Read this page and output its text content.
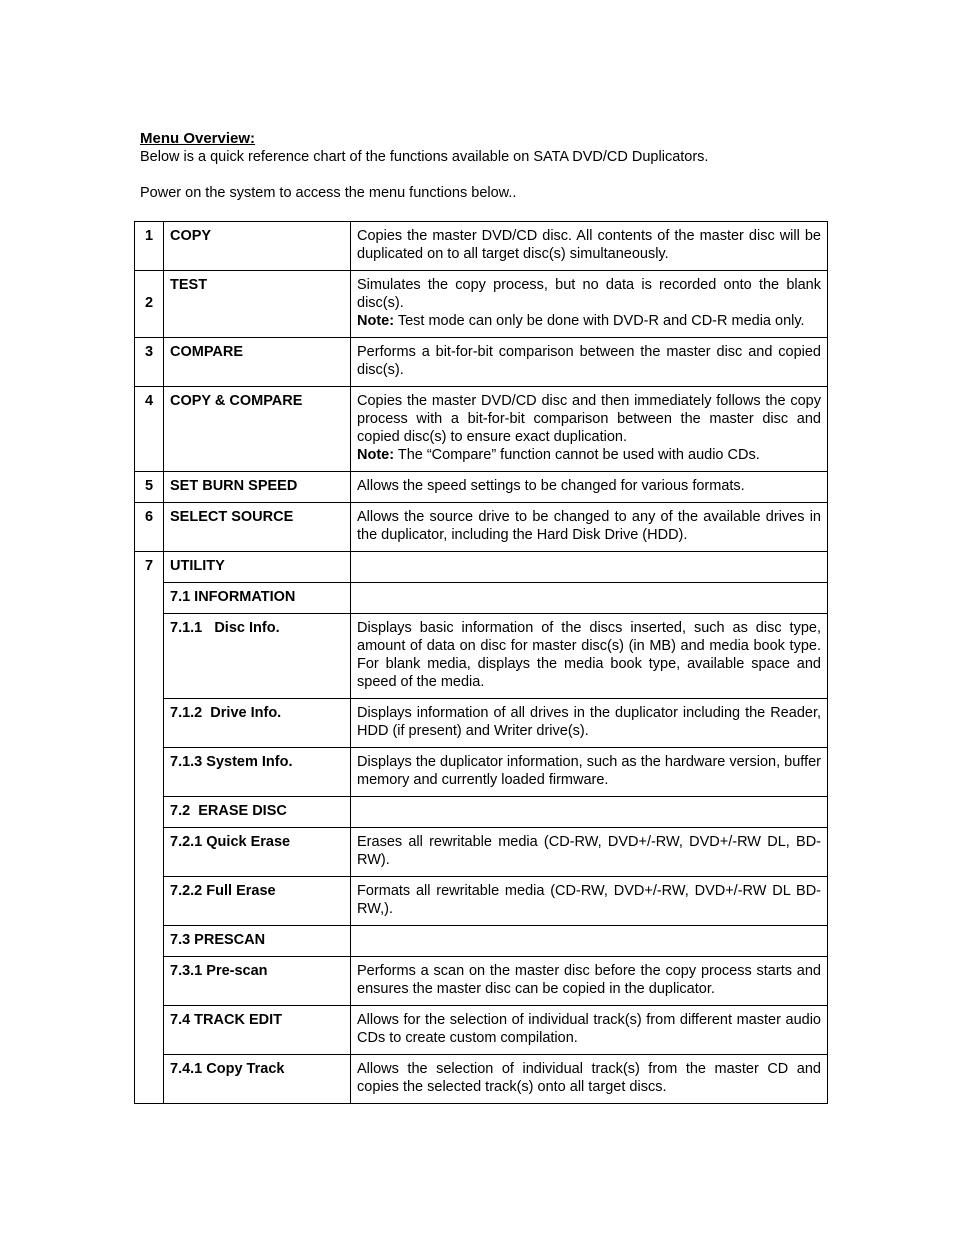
Menu Overview:
Below is a quick reference chart of the functions available on SATA DVD/CD Duplicators.
Power on the system to access the menu functions below..
1	COPY	Copies the master DVD/CD disc. All contents of the master disc will be duplicated on to all target disc(s) simultaneously.
2	TEST	Simulates the copy process, but no data is recorded onto the blank disc(s).
Note: Test mode can only be done with DVD-R and CD-R media only.
3	COMPARE	Performs a bit-for-bit comparison between the master disc and copied disc(s).
4	COPY & COMPARE	Copies the master DVD/CD disc and then immediately follows the copy process with a bit-for-bit comparison between the master disc and copied disc(s) to ensure exact duplication.
Note: The “Compare” function cannot be used with audio CDs.
5	SET BURN SPEED	Allows the speed settings to be changed for various formats.
6	SELECT SOURCE	Allows the source drive to be changed to any of the available drives in the duplicator, including the Hard Disk Drive (HDD).
7	UTILITY	
	7.1 INFORMATION	
	7.1.1   Disc Info.	Displays basic information of the discs inserted, such as disc type, amount of data on disc for master disc(s) (in MB) and media book type. For blank media, displays the media book type, available space and speed of the media.
	7.1.2  Drive Info.	Displays information of all drives in the duplicator including the Reader, HDD (if present) and Writer drive(s).
	7.1.3 System Info.	Displays the duplicator information, such as the hardware version, buffer memory and currently loaded firmware.
	7.2  ERASE DISC	
	7.2.1 Quick Erase	Erases all rewritable media (CD-RW, DVD+/-RW, DVD+/-RW DL, BD-RW).
	7.2.2 Full Erase	Formats all rewritable media (CD-RW, DVD+/-RW, DVD+/-RW DL BD-RW,).
	7.3 PRESCAN	
	7.3.1 Pre-scan	Performs a scan on the master disc before the copy process starts and ensures the master disc can be copied in the duplicator.
	7.4 TRACK EDIT	Allows for the selection of individual track(s) from different master audio CDs to create custom compilation.
	7.4.1 Copy Track	Allows the selection of individual track(s) from the master CD and copies the selected track(s) onto all target discs.
